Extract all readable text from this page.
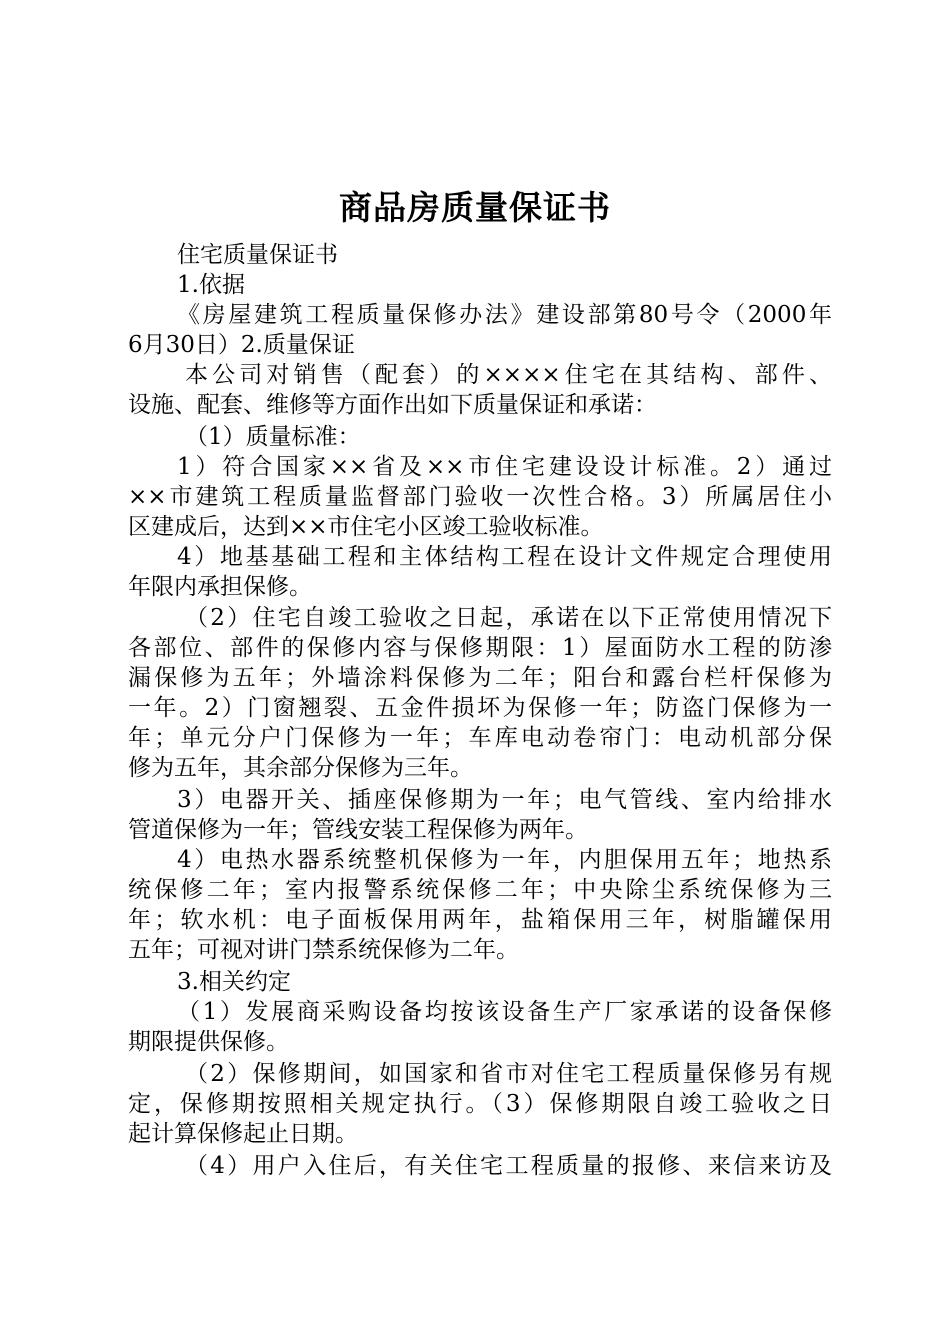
商品房质量保证书
住宅质量保证书
1.依据
《房屋建筑工程质量保修办法》建设部第80号令（2000年
6月30日）2.质量保证
本公司对销售（配套）的××××住宅在其结构、部件、
设施、配套、维修等方面作出如下质量保证和承诺：
（1）质量标准：
1）符合国家××省及××市住宅建设设计标准。2）通过
××市建筑工程质量监督部门验收一次性合格。3）所属居住小
区建成后，达到××市住宅小区竣工验收标准。
4）地基基础工程和主体结构工程在设计文件规定合理使用
年限内承担保修。
（2）住宅自竣工验收之日起，承诺在以下正常使用情况下
各部位、部件的保修内容与保修期限：1）屋面防水工程的防渗
漏保修为五年；外墙涂料保修为二年；阳台和露台栏杆保修为
一年。2）门窗翘裂、五金件损坏为保修一年；防盗门保修为一
年；单元分户门保修为一年；车库电动卷帘门：电动机部分保
修为五年，其余部分保修为三年。
3）电器开关、插座保修期为一年；电气管线、室内给排水
管道保修为一年；管线安装工程保修为两年。
4）电热水器系统整机保修为一年，内胆保用五年；地热系
统保修二年；室内报警系统保修二年；中央除尘系统保修为三
年；软水机：电子面板保用两年，盐箱保用三年，树脂罐保用
五年；可视对讲门禁系统保修为二年。
3.相关约定
（1）发展商采购设备均按该设备生产厂家承诺的设备保修
期限提供保修。
（2）保修期间，如国家和省市对住宅工程质量保修另有规
定，保修期按照相关规定执行。（3）保修期限自竣工验收之日
起计算保修起止日期。
（4）用户入住后，有关住宅工程质量的报修、来信来访及
